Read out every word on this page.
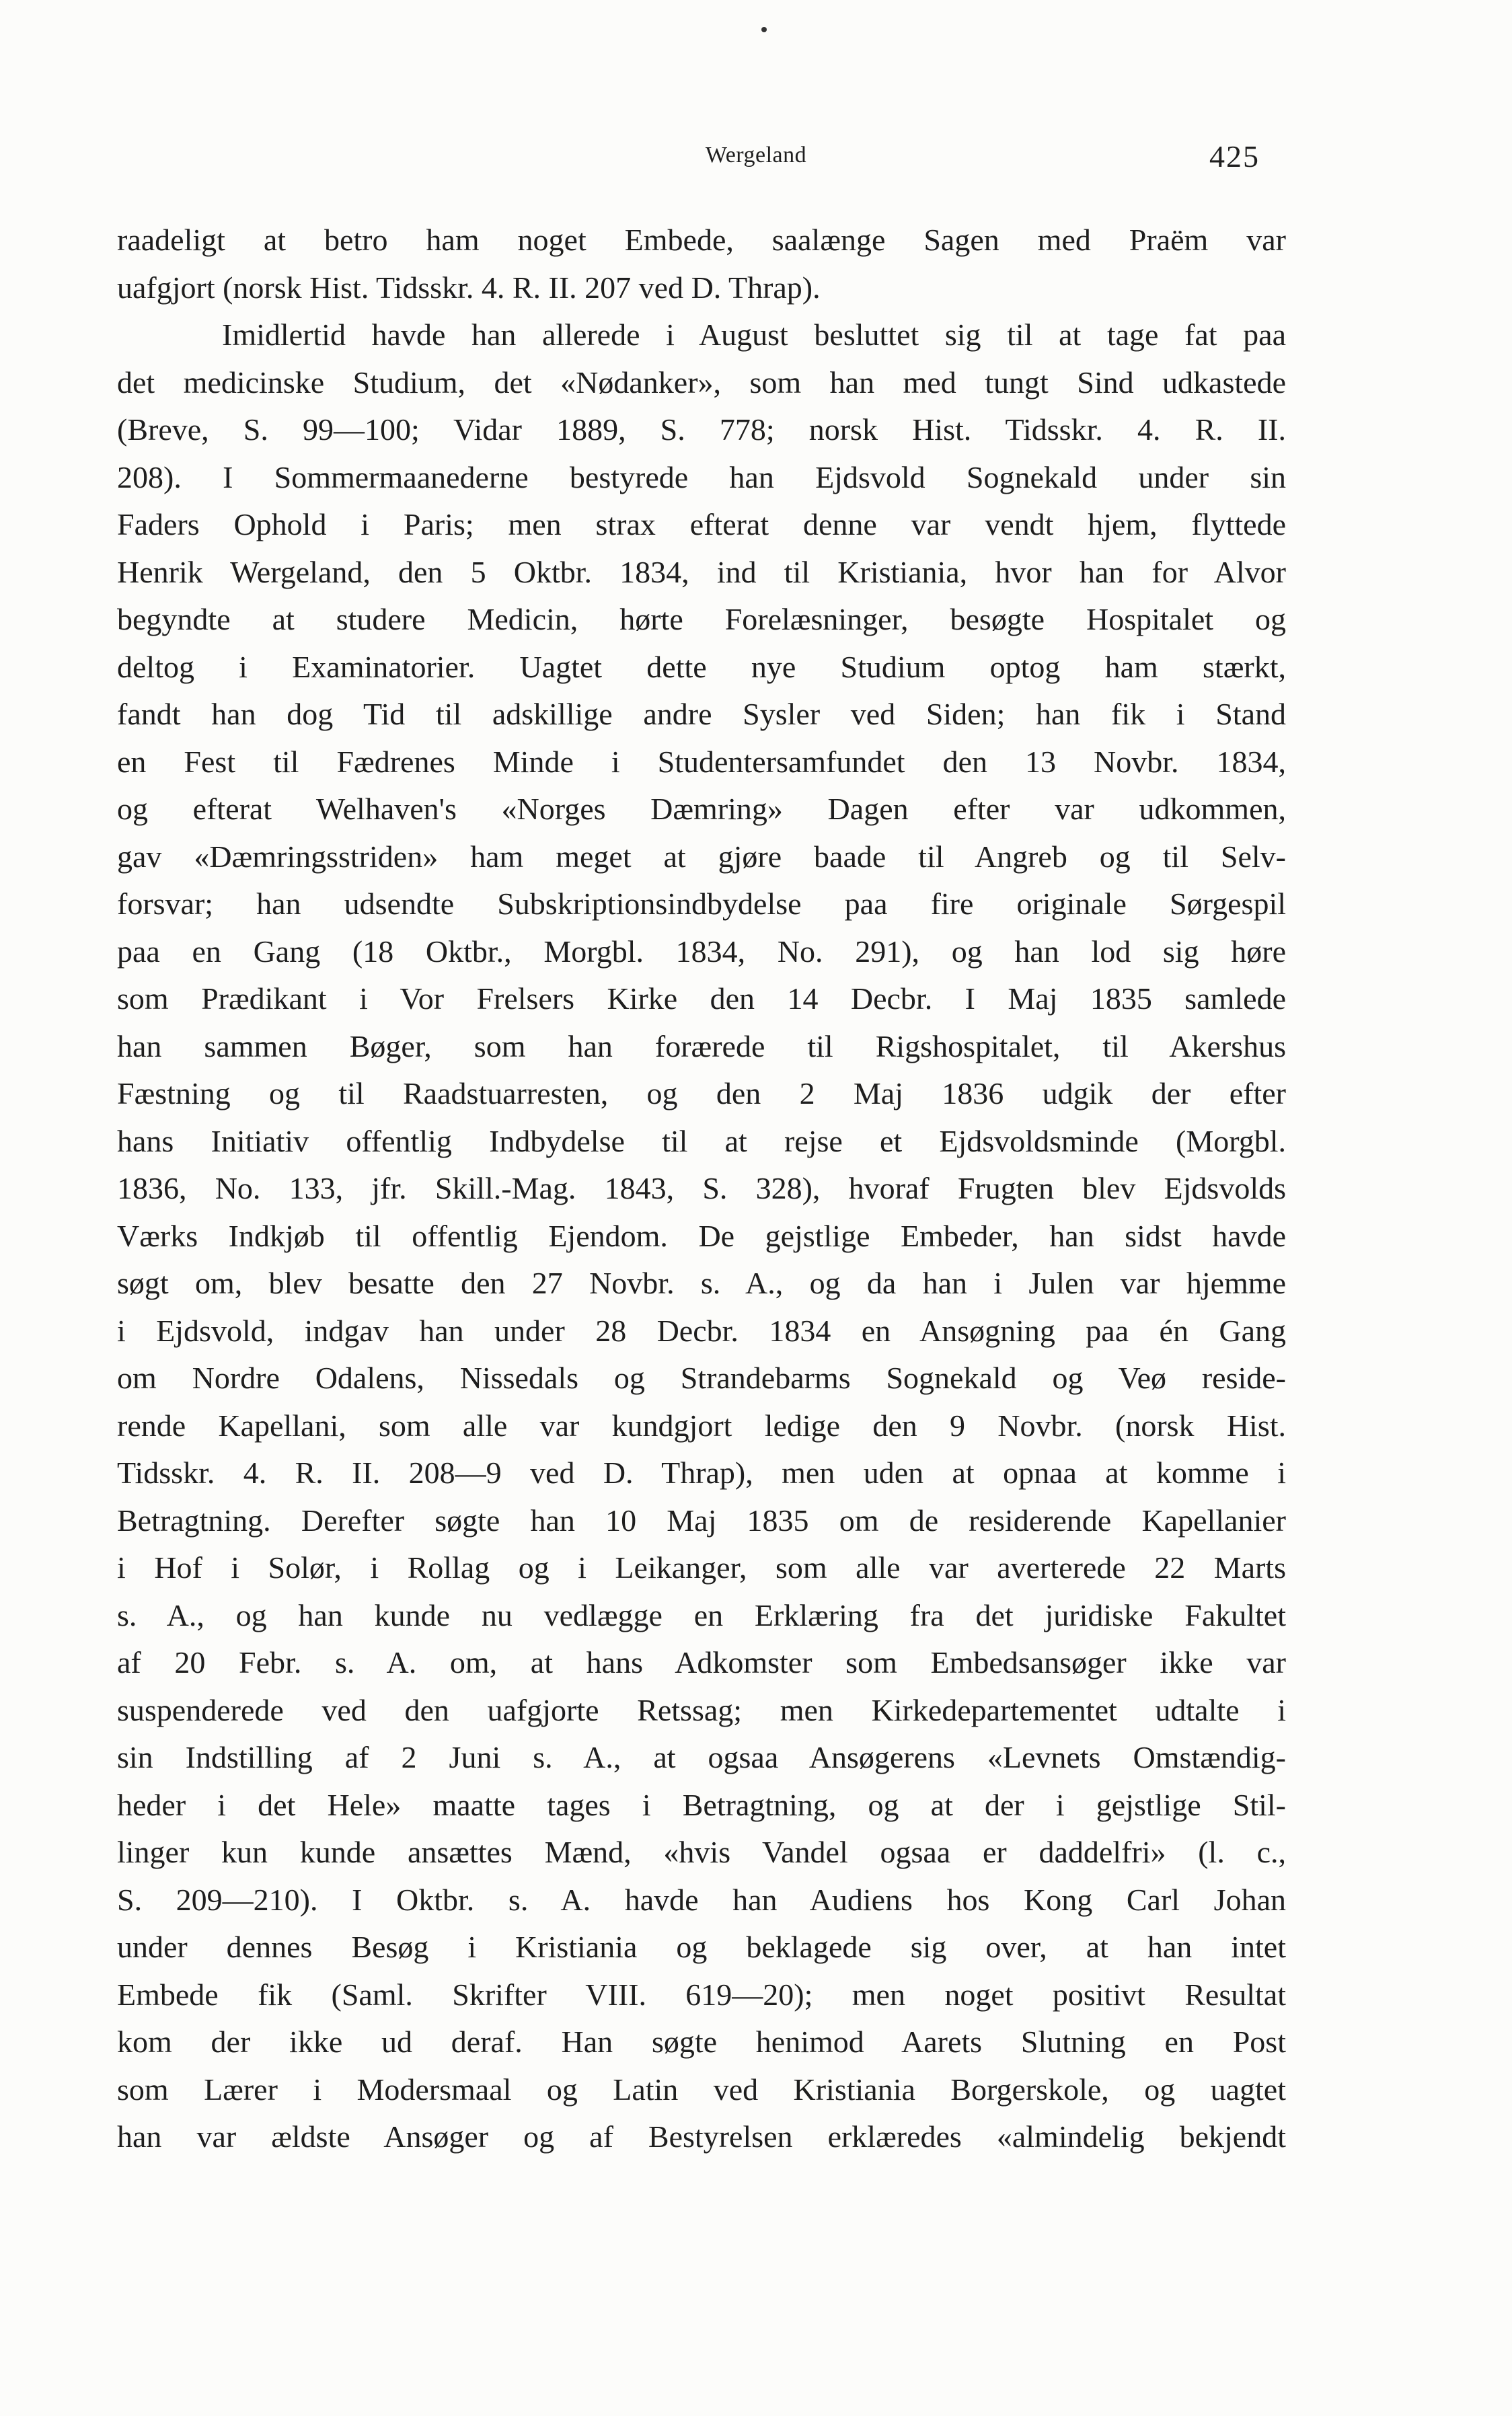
Wergeland	425
raadeligt at betro ham noget Embede, saalænge Sagen med Praëm var
uafgjort (norsk Hist. Tidsskr. 4. R. II. 207 ved D. Thrap).
Imidlertid havde han allerede i August besluttet sig til at tage fat paa
det medicinske Studium, det «Nødanker», som han med tungt Sind udkastede
(Breve, S. 99—100; Vidar 1889, S. 778; norsk Hist. Tidsskr. 4. R. II.
208). I Sommermaanederne bestyrede han Ejdsvold Sognekald under sin
Faders Ophold i Paris; men strax efterat denne var vendt hjem, flyttede
Henrik Wergeland, den 5 Oktbr. 1834, ind til Kristiania, hvor han for Alvor
begyndte at studere Medicin, hørte Forelæsninger, besøgte Hospitalet og
deltog i Examinatorier. Uagtet dette nye Studium optog ham stærkt,
fandt han dog Tid til adskillige andre Sysler ved Siden; han fik i Stand
en Fest til Fædrenes Minde i Studentersamfundet den 13 Novbr. 1834,
og efterat Welhaven's «Norges Dæmring» Dagen efter var udkommen,
gav «Dæmringsstriden» ham meget at gjøre baade til Angreb og til Selv-
forsvar; han udsendte Subskriptionsindbydelse paa fire originale Sørgespil
paa en Gang (18 Oktbr., Morgbl. 1834, No. 291), og han lod sig høre
som Prædikant i Vor Frelsers Kirke den 14 Decbr. I Maj 1835 samlede
han sammen Bøger, som han forærede til Rigshospitalet, til Akershus
Fæstning og til Raadstuarresten, og den 2 Maj 1836 udgik der efter
hans Initiativ offentlig Indbydelse til at rejse et Ejdsvoldsminde (Morgbl.
1836, No. 133, jfr. Skill.-Mag. 1843, S. 328), hvoraf Frugten blev Ejdsvolds
Værks Indkjøb til offentlig Ejendom. De gejstlige Embeder, han sidst havde
søgt om, blev besatte den 27 Novbr. s. A., og da han i Julen var hjemme
i Ejdsvold, indgav han under 28 Decbr. 1834 en Ansøgning paa én Gang
om Nordre Odalens, Nissedals og Strandebarms Sognekald og Veø reside-
rende Kapellani, som alle var kundgjort ledige den 9 Novbr. (norsk Hist.
Tidsskr. 4. R. II. 208—9 ved D. Thrap), men uden at opnaa at komme i
Betragtning. Derefter søgte han 10 Maj 1835 om de residerende Kapellanier
i Hof i Solør, i Rollag og i Leikanger, som alle var averterede 22 Marts
s. A., og han kunde nu vedlægge en Erklæring fra det juridiske Fakultet
af 20 Febr. s. A. om, at hans Adkomster som Embedsansøger ikke var
suspenderede ved den uafgjorte Retssag; men Kirkedepartementet udtalte i
sin Indstilling af 2 Juni s. A., at ogsaa Ansøgerens «Levnets Omstændig-
heder i det Hele» maatte tages i Betragtning, og at der i gejstlige Stil-
linger kun kunde ansættes Mænd, «hvis Vandel ogsaa er daddelfri» (l. c.,
S. 209—210). I Oktbr. s. A. havde han Audiens hos Kong Carl Johan
under dennes Besøg i Kristiania og beklagede sig over, at han intet
Embede fik (Saml. Skrifter VIII. 619—20); men noget positivt Resultat
kom der ikke ud deraf. Han søgte henimod Aarets Slutning en Post
som Lærer i Modersmaal og Latin ved Kristiania Borgerskole, og uagtet
han var ældste Ansøger og af Bestyrelsen erklæredes «almindelig bekjendt
